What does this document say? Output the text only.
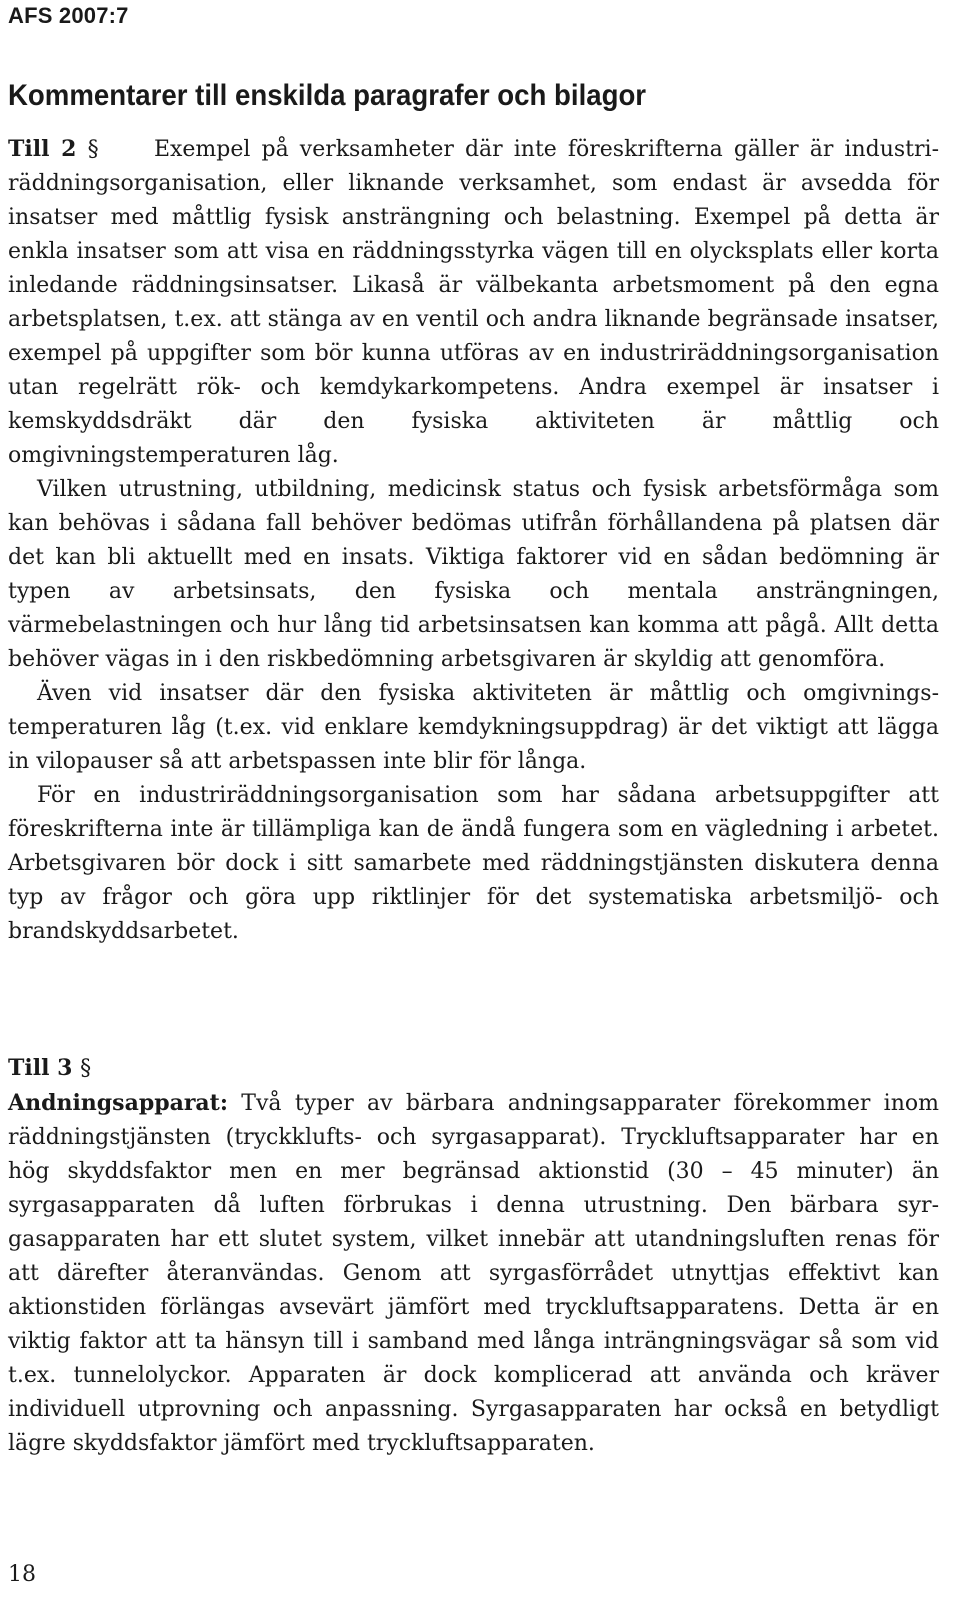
AFS 2007:7
Kommentarer till enskilda paragrafer och bilagor

Till 2 §	Exempel på verksamheter där inte föreskrifterna gäller är industriräddningsorganisation, eller liknande verksamhet, som endast är avsedda för insatser med måttlig fysisk ansträngning och belastning. Exempel på detta är enkla insatser som att visa en räddningsstyrka vägen till en olycksplats eller korta inledande räddningsinsatser. Likaså är välbekanta arbetsmoment på den egna arbetsplatsen, t.ex. att stänga av en ventil och andra liknande begränsade insatser, exempel på uppgifter som bör kunna utföras av en industriräddningsorganisation utan regelrätt rök- och kemdykarkompetens. Andra exempel är insatser i kemskyddsdräkt där den fysiska aktiviteten är måttlig och omgivningstemperaturen låg.

Vilken utrustning, utbildning, medicinsk status och fysisk arbetsförmåga som kan behövas i sådana fall behöver bedömas utifrån förhållandena på platsen där det kan bli aktuellt med en insats. Viktiga faktorer vid en sådan bedömning är typen av arbetsinsats, den fysiska och mentala ansträngningen, värmebelastningen och hur lång tid arbetsinsatsen kan komma att pågå. Allt detta behöver vägas in i den riskbedömning arbetsgivaren är skyldig att genomföra.

Även vid insatser där den fysiska aktiviteten är måttlig och omgivningstemperaturen låg (t.ex. vid enklare kemdykningsuppdrag) är det viktigt att lägga in vilopauser så att arbetspassen inte blir för långa.

För en industriräddningsorganisation som har sådana arbetsuppgifter att föreskrifterna inte är tillämpliga kan de ändå fungera som en vägledning i arbetet. Arbetsgivaren bör dock i sitt samarbete med räddningstjänsten diskutera denna typ av frågor och göra upp riktlinjer för det systematiska arbetsmiljö- och brandskyddsarbetet.

Till 3 §

Andningsapparat: Två typer av bärbara andningsapparater förekommer inom räddningstjänsten (tryckklufts- och syrgasapparat). Tryckluftsapparater har en hög skyddsfaktor men en mer begränsad aktionstid (30 – 45 minuter) än syrgasapparaten då luften förbrukas i denna utrustning. Den bärbara syrgasapparaten har ett slutet system, vilket innebär att utandningsluften renas för att därefter återanvändas. Genom att syrgasförrådet utnyttjas effektivt kan aktionstiden förlängas avsevärt jämfört med tryckluftsapparatens. Detta är en viktig faktor att ta hänsyn till i samband med långa inträngningsvägar så som vid t.ex. tunnelolyckor. Apparaten är dock komplicerad att använda och kräver individuell utprovning och anpassning. Syrgasapparaten har också en betydligt lägre skyddsfaktor jämfört med tryckluftsapparaten.

18
